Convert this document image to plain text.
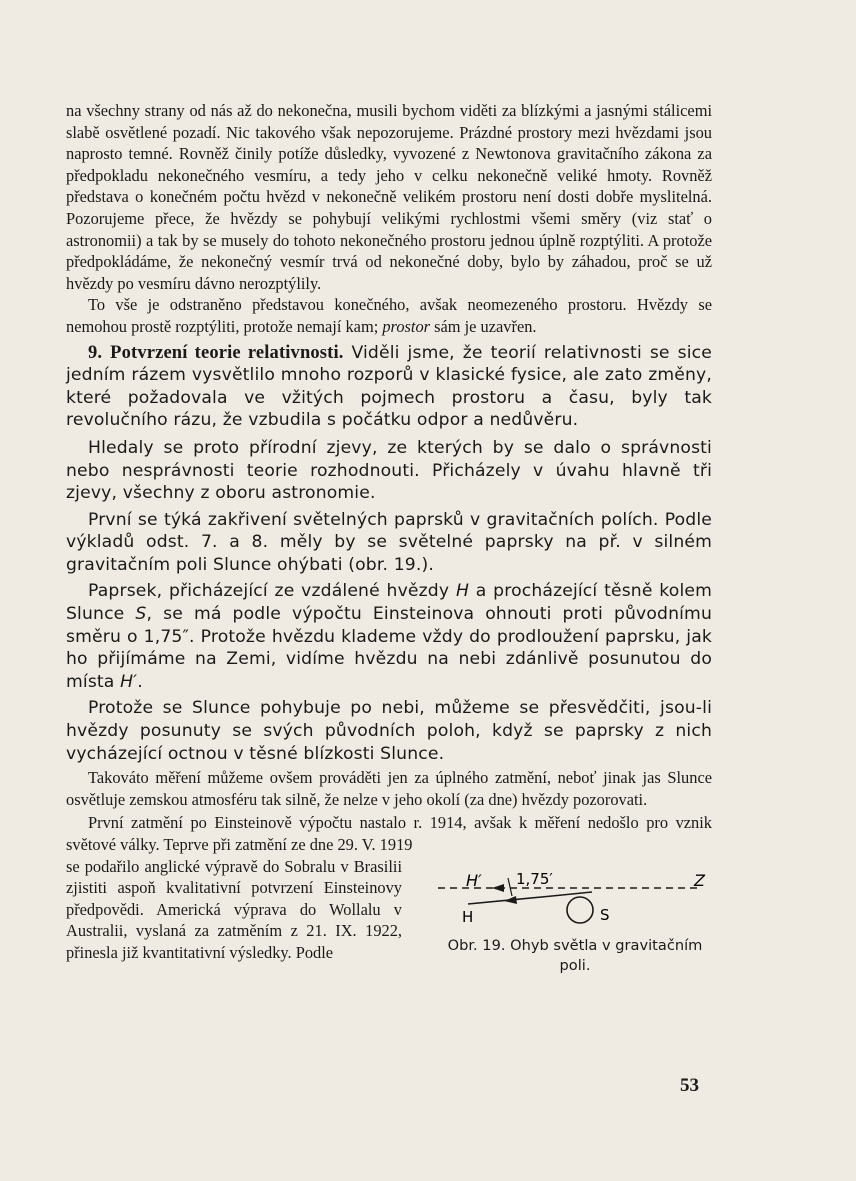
na všechny strany od nás až do nekonečna, musili bychom viděti za blízkými a jasnými stálicemi slabě osvětlené pozadí. Nic takového však nepozorujeme. Prázdné prostory mezi hvězdami jsou naprosto temné. Rovněž činily potíže důsledky, vyvozené z Newtonova gravitačního zákona za předpokladu nekonečného vesmíru, a tedy jeho v celku nekonečně veliké hmoty. Rovněž představa o konečném počtu hvězd v nekonečně velikém prostoru není dosti dobře myslitelná. Pozorujeme přece, že hvězdy se pohybují velikými rychlostmi všemi směry (viz stať o astronomii) a tak by se musely do tohoto nekonečného prostoru jednou úplně rozptýliti. A protože předpokládáme, že nekonečný vesmír trvá od nekonečné doby, bylo by záhadou, proč se už hvězdy po vesmíru dávno nerozptýlily.

To vše je odstraněno představou konečného, avšak neomezeného prostoru. Hvězdy se nemohou prostě rozptýliti, protože nemají kam; prostor sám je uzavřen.

9. Potvrzení teorie relativnosti. Viděli jsme, že teorií relativnosti se sice jedním rázem vysvětlilo mnoho rozporů v klasické fysice, ale zato změny, které požadovala ve vžitých pojmech prostoru a času, byly tak revolučního rázu, že vzbudila s počátku odpor a nedůvěru.

Hledaly se proto přírodní zjevy, ze kterých by se dalo o správnosti nebo nesprávnosti teorie rozhodnouti. Přicházely v úvahu hlavně tři zjevy, všechny z oboru astronomie.

První se týká zakřivení světelných paprsků v gravitačních polích. Podle výkladů odst. 7. a 8. měly by se světelné paprsky na př. v silném gravitačním poli Slunce ohýbati (obr. 19.).

Paprsek, přicházející ze vzdálené hvězdy H a procházející těsně kolem Slunce S, se má podle výpočtu Einsteinova ohnouti proti původnímu směru o 1,75″. Protože hvězdu klademe vždy do prodloužení paprsku, jak ho přijímáme na Zemi, vidíme hvězdu na nebi zdánlivě posunutou do místa H′.

Protože se Slunce pohybuje po nebi, můžeme se přesvědčiti, jsou-li hvězdy posunuty se svých původních poloh, když se paprsky z nich vycházející octnou v těsné blízkosti Slunce.

Takováto měření můžeme ovšem prováděti jen za úplného zatmění, neboť jinak jas Slunce osvětluje zemskou atmosféru tak silně, že nelze v jeho okolí (za dne) hvězdy pozorovati.

První zatmění po Einsteinově výpočtu nastalo r. 1914, avšak k měření nedošlo pro vznik světové války. Teprve při zatmění ze dne 29. V. 1919

se podařilo anglické výpravě do Sobralu v Brasilii zjistiti aspoň kvalitativní potvrzení Einsteinovy předpovědi. Americká výprava do Wollalu v Australii, vyslaná za zatměním z 21. IX. 1922, přinesla již kvantitativní výsledky. Podle

H′ 1,75′	Z
H	S
Obr. 19. Ohyb světla v gravitačním poli.
53
